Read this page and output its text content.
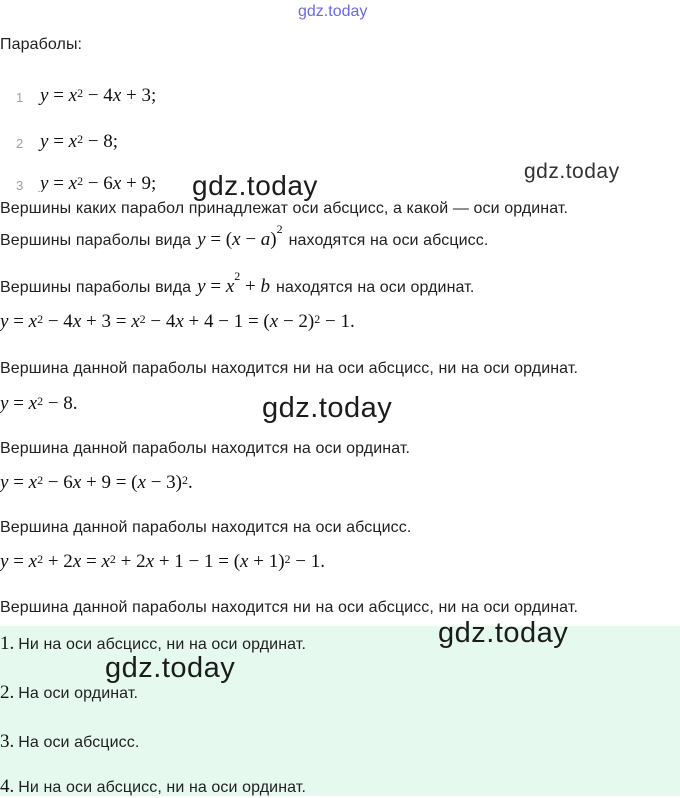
gdz.today
Параболы:
1 $y = x^2 - 4x + 3$;
2 $y = x^2 - 8$;
3 $y = x^2 - 6x + 9$; gdz.today	gdz.today
Вершины каких парабол принадлежат оси абсцисс, а какой — оси ординат.
Вершины параболы вида $y = (x - a)^2$
находятся на оси абсцисс.
Вершины параболы вида $y = x^2 + b$ находятся на оси ординат.
$y = x^2 - 4x + 3 = x^2 - 4x + 4 - 1 = (x - 2)^2 - 1$.
Вершина данной параболы находится ни на оси абсцисс, ни на оси ординат.
$y = x^2 - 8$.	gdz.today
Вершина данной параболы находится на оси ординат.
$y = x^2 - 6x + 9 = (x - 3)^2$.
Вершина данной параболы находится на оси абсцисс.
$y = x^2 + 2x = x^2 + 2x + 1 - 1 = (x + 1)^2 - 1$.
Вершина данной параболы находится ни на оси абсцисс, ни на оси ординат.
1. Ни на оси абсцисс, ни на оси ординат.
2. На оси ординат.
3. На оси абсцисс.
4. Ни на оси абсцисс, ни на оси ординат.
gdz.today
gdz.today
